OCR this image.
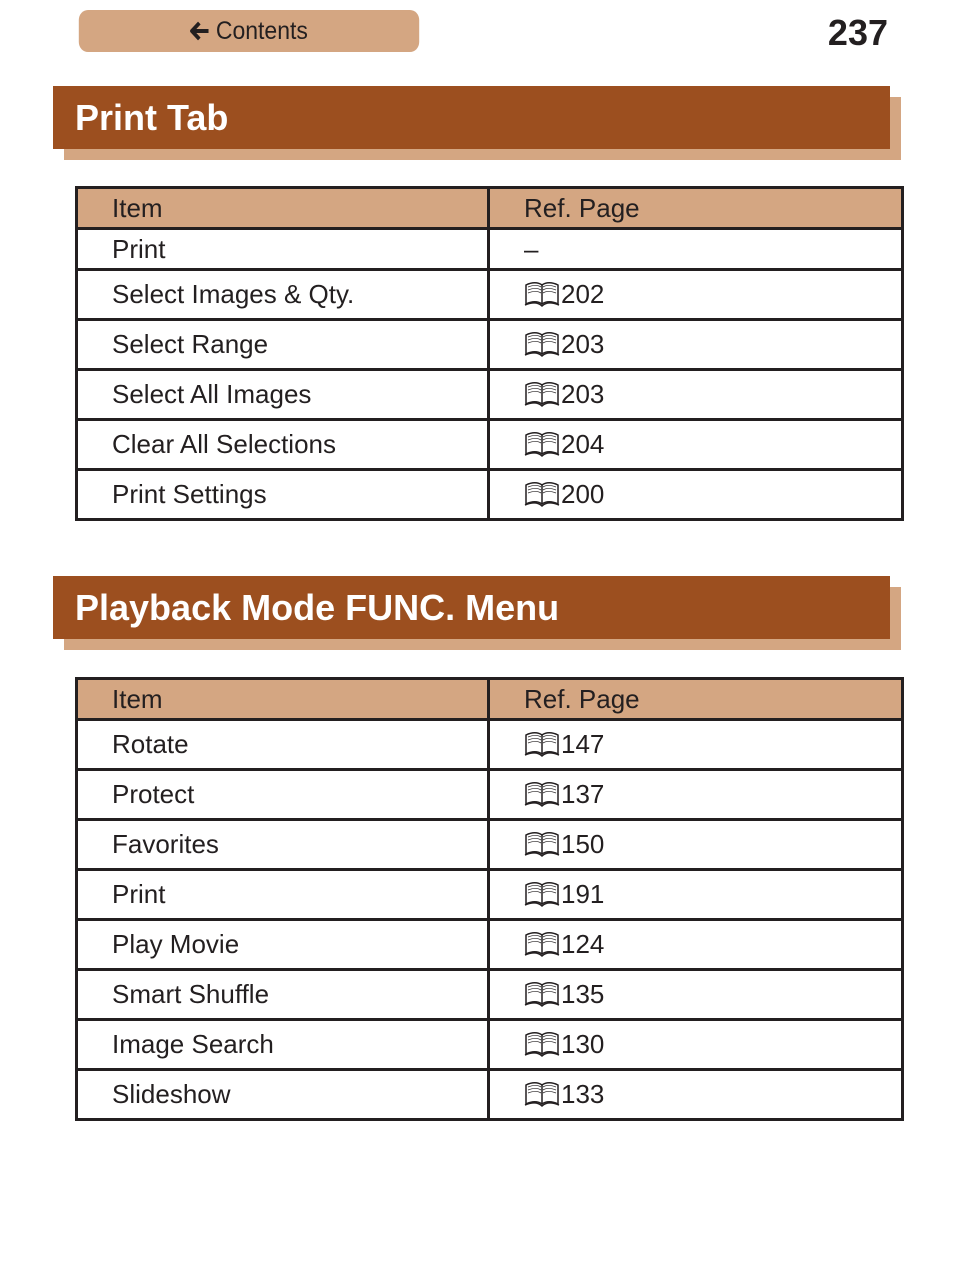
Contents	237
Print Tab
Item	Ref. Page
Print	–
Select Images & Qty.	202
Select Range	203
Select All Images	203
Clear All Selections	204
Print Settings	200
Playback Mode FUNC. Menu
Item	Ref. Page
Rotate	147
Protect	137
Favorites	150
Print	191
Play Movie	124
Smart Shuffle	135
Image Search	130
Slideshow	133
